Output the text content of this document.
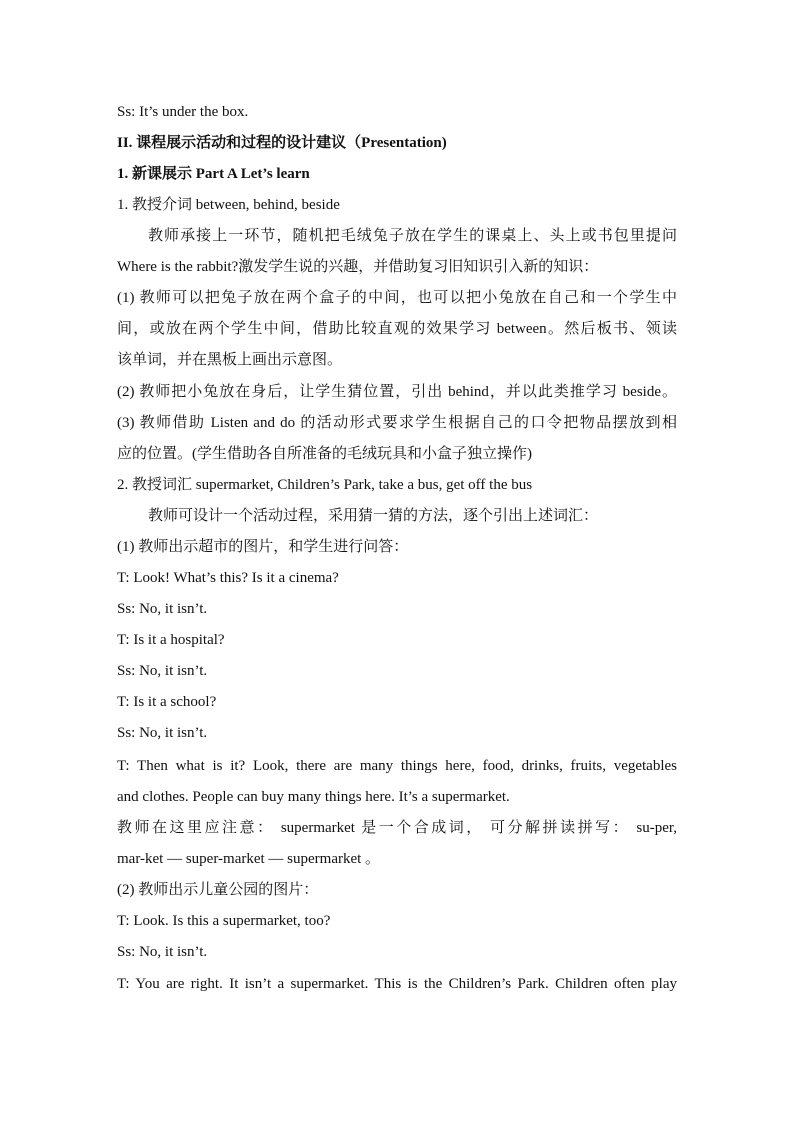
Ss: It’s under the box.
II. 课程展示活动和过程的设计建议（Presentation)
1. 新课展示 Part A Let’s learn
1. 教授介词 between, behind, beside
教师承接上一环节，随机把毛绒兔子放在学生的课桌上、头上或书包里提问
Where is the rabbit?激发学生说的兴趣，并借助复习旧知识引入新的知识：
(1) 教师可以把兔子放在两个盒子的中间，也可以把小兔放在自己和一个学生中
间，或放在两个学生中间，借助比较直观的效果学习 between。然后板书、领读
该单词，并在黑板上画出示意图。
(2) 教师把小兔放在身后，让学生猜位置，引出 behind，并以此类推学习 beside。
(3) 教师借助 Listen and do 的活动形式要求学生根据自己的口令把物品摆放到相
应的位置。(学生借助各自所准备的毛绒玩具和小盒子独立操作)
2. 教授词汇 supermarket, Children’s Park, take a bus, get off the bus
教师可设计一个活动过程，采用猜一猜的方法，逐个引出上述词汇：
(1) 教师出示超市的图片，和学生进行问答：
T: Look! What’s this? Is it a cinema?
Ss: No, it isn’t.
T: Is it a hospital?
Ss: No, it isn’t.
T: Is it a school?
Ss: No, it isn’t.
T: Then what is it? Look, there are many things here, food, drinks, fruits, vegetables
and clothes. People can buy many things here. It’s a supermarket.
教师在这里应注意： supermarket 是一个合成词， 可分解拼读拼写： su-per,
mar-ket — super-market — supermarket 。
(2) 教师出示儿童公园的图片：
T: Look. Is this a supermarket, too?
Ss: No, it isn’t.
T: You are right. It isn’t a supermarket. This is the Children’s Park. Children often play
